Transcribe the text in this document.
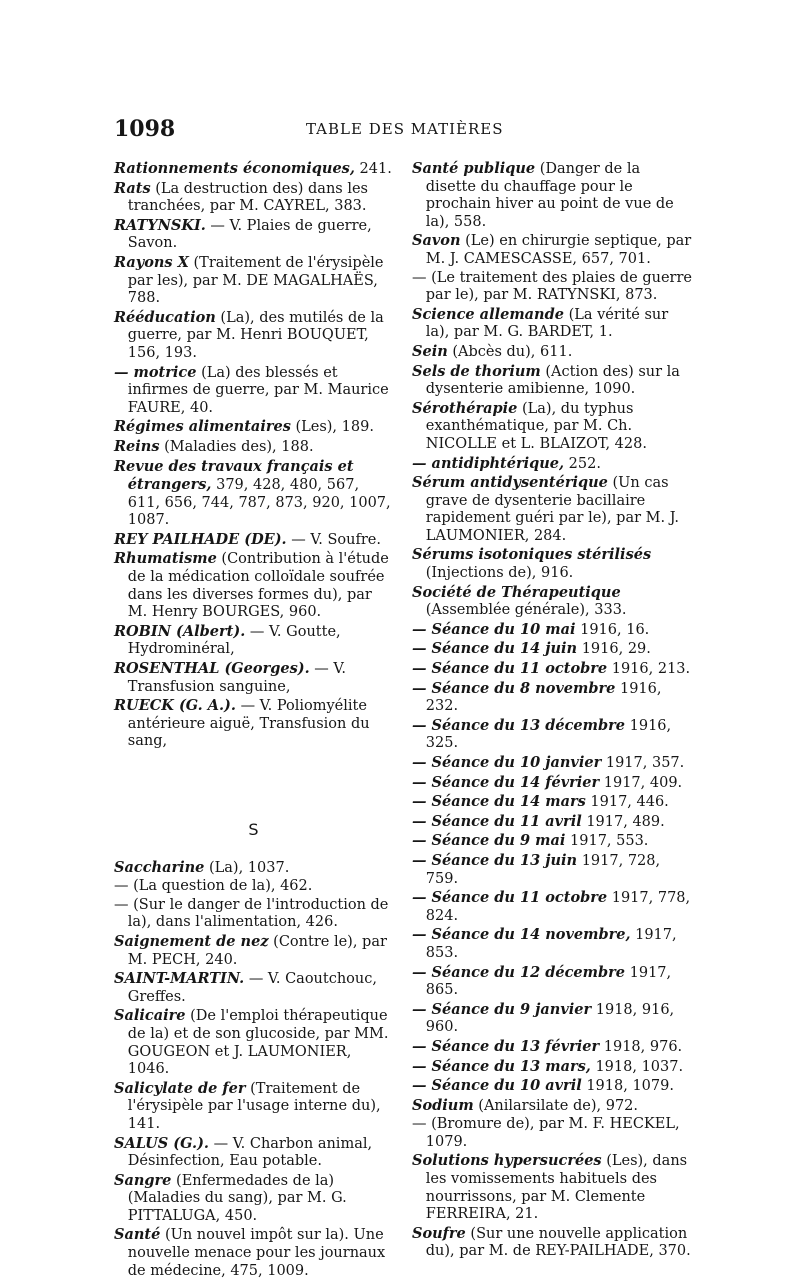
1098	TABLE DES MATIÈRES
Rationnements économiques, 241.
Rats (La destruction des) dans les tranchées, par M. CAYREL, 383.
RATYNSKI. — V. Plaies de guerre, Savon.
Rayons X (Traitement de l'érysipèle par les), par M. DE MAGALHAËS, 788.
Rééducation (La), des mutilés de la guerre, par M. Henri BOUQUET, 156, 193.
— motrice (La) des blessés et infirmes de guerre, par M. Maurice FAURE, 40.
Régimes alimentaires (Les), 189.
Reins (Maladies des), 188.
Revue des travaux français et étrangers, 379, 428, 480, 567, 611, 656, 744, 787, 873, 920, 1007, 1087.
REY PAILHADE (DE). — V. Soufre.
Rhumatisme (Contribution à l'étude de la médication colloïdale soufrée dans les diverses formes du), par M. Henry BOURGES, 960.
ROBIN (Albert). — V. Goutte, Hydrominéral,
ROSENTHAL (Georges). — V. Transfusion sanguine,
RUECK (G. A.). — V. Poliomyélite antérieure aiguë, Transfusion du sang,
S
Saccharine (La), 1037.
— (La question de la), 462.
— (Sur le danger de l'introduction de la), dans l'alimentation, 426.
Saignement de nez (Contre le), par M. PECH, 240.
SAINT-MARTIN. — V. Caoutchouc, Greffes.
Salicaire (De l'emploi thérapeutique de la) et de son glucoside, par MM. GOUGEON et J. LAUMONIER, 1046.
Salicylate de fer (Traitement de l'érysipèle par l'usage interne du), 141.
SALUS (G.). — V. Charbon animal, Désinfection, Eau potable.
Sangre (Enfermedades de la) (Maladies du sang), par M. G. PITTALUGA, 450.
Santé (Un nouvel impôt sur la). Une nouvelle menace pour les journaux de médecine, 475, 1009.
Santé publique (Danger de la disette du chauffage pour le prochain hiver au point de vue de la), 558.
Savon (Le) en chirurgie septique, par M. J. CAMESCASSE, 657, 701.
— (Le traitement des plaies de guerre par le), par M. RATYNSKI, 873.
Science allemande (La vérité sur la), par M. G. BARDET, 1.
Sein (Abcès du), 611.
Sels de thorium (Action des) sur la dysenterie amibienne, 1090.
Sérothérapie (La), du typhus exanthématique, par M. Ch. NICOLLE et L. BLAIZOT, 428.
— antidiphtérique, 252.
Sérum antidysentérique (Un cas grave de dysenterie bacillaire rapidement guéri par le), par M. J. LAUMONIER, 284.
Sérums isotoniques stérilisés (Injections de), 916.
Société de Thérapeutique (Assemblée générale), 333.
— Séance du 10 mai 1916, 16.
— Séance du 14 juin 1916, 29.
— Séance du 11 octobre 1916, 213.
— Séance du 8 novembre 1916, 232.
— Séance du 13 décembre 1916, 325.
— Séance du 10 janvier 1917, 357.
— Séance du 14 février 1917, 409.
— Séance du 14 mars 1917, 446.
— Séance du 11 avril 1917, 489.
— Séance du 9 mai 1917, 553.
— Séance du 13 juin 1917, 728, 759.
— Séance du 11 octobre 1917, 778, 824.
— Séance du 14 novembre, 1917, 853.
— Séance du 12 décembre 1917, 865.
— Séance du 9 janvier 1918, 916, 960.
— Séance du 13 février 1918, 976.
— Séance du 13 mars, 1918, 1037.
— Séance du 10 avril 1918, 1079.
Sodium (Anilarsilate de), 972.
— (Bromure de), par M. F. HECKEL, 1079.
Solutions hypersucrées (Les), dans les vomissements habituels des nourrissons, par M. Clemente FERREIRA, 21.
Soufre (Sur une nouvelle application du), par M. de REY-PAILHADE, 370.
